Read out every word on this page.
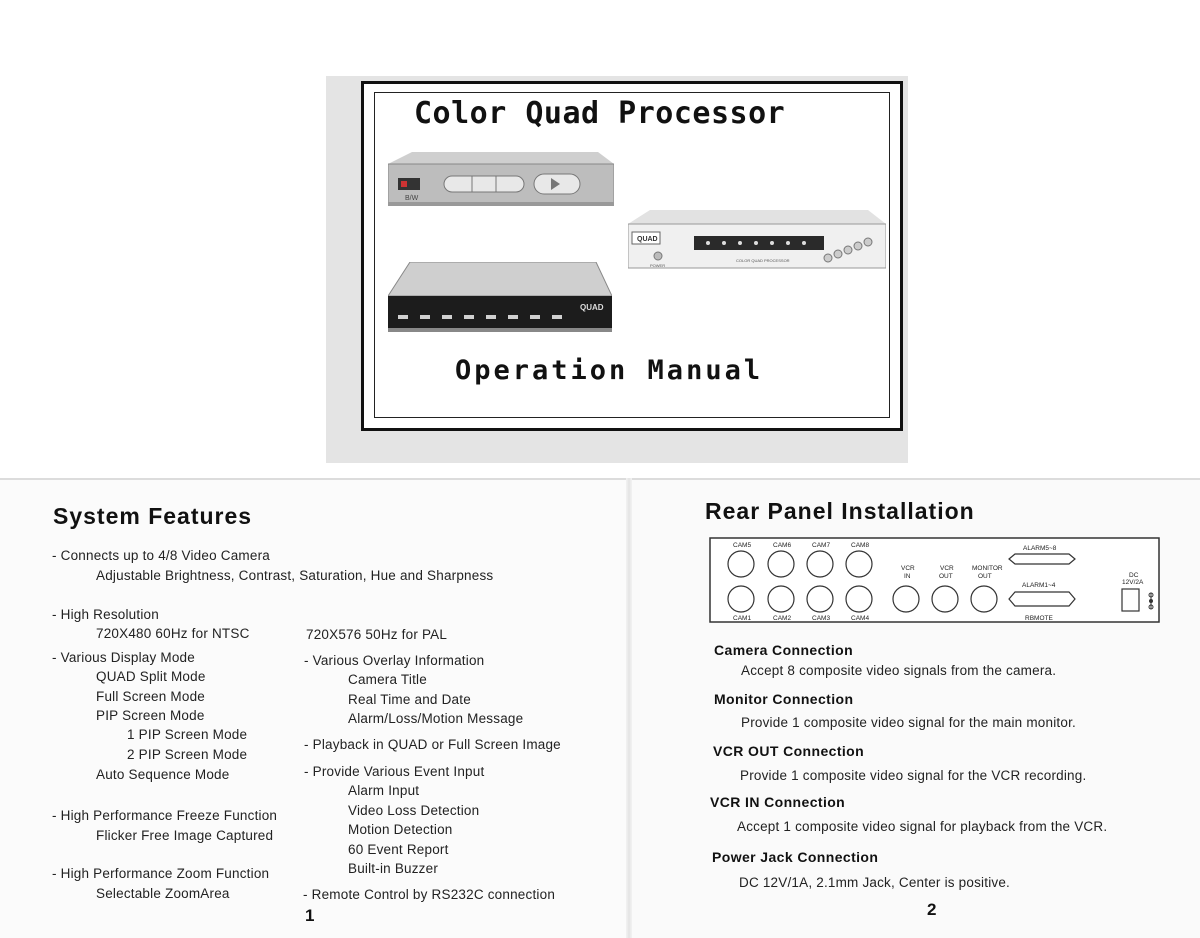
Color Quad Processor
B/W
QUAD
POWER
COLOR QUAD PROCESSOR
QUAD
Operation Manual
System Features
- Connects up to 4/8 Video Camera
Adjustable Brightness, Contrast, Saturation, Hue and Sharpness
- High Resolution
720X480 60Hz for NTSC	720X576 50Hz for PAL
- Various Display Mode
QUAD Split Mode
Full Screen Mode
PIP Screen Mode
1 PIP Screen Mode
2 PIP Screen Mode
Auto Sequence Mode
- High Performance Freeze Function
Flicker Free Image Captured
- High Performance Zoom Function
Selectable ZoomArea
- Various Overlay Information
Camera Title
Real Time and Date
Alarm/Loss/Motion Message
- Playback in QUAD or Full Screen Image
- Provide Various Event Input
Alarm Input
Video Loss Detection
Motion Detection
60 Event Report
Built-in Buzzer
- Remote Control by RS232C connection
1
Rear Panel Installation
CAM5	CAM6	CAM7	CAM8
CAM1	CAM2	CAM3	CAM4
VCR
IN
VCR
OUT
MONITOR
OUT
ALARM5~8
ALARM1~4
RBMOTE
DC
12V/2A
Camera Connection
Accept 8 composite video signals from the camera.
Monitor Connection
Provide 1 composite video signal for the main monitor.
VCR OUT Connection
Provide 1 composite video signal for the VCR recording.
VCR IN Connection
Accept 1 composite video signal for playback from the VCR.
Power Jack Connection
DC 12V/1A, 2.1mm Jack, Center is positive.
2
